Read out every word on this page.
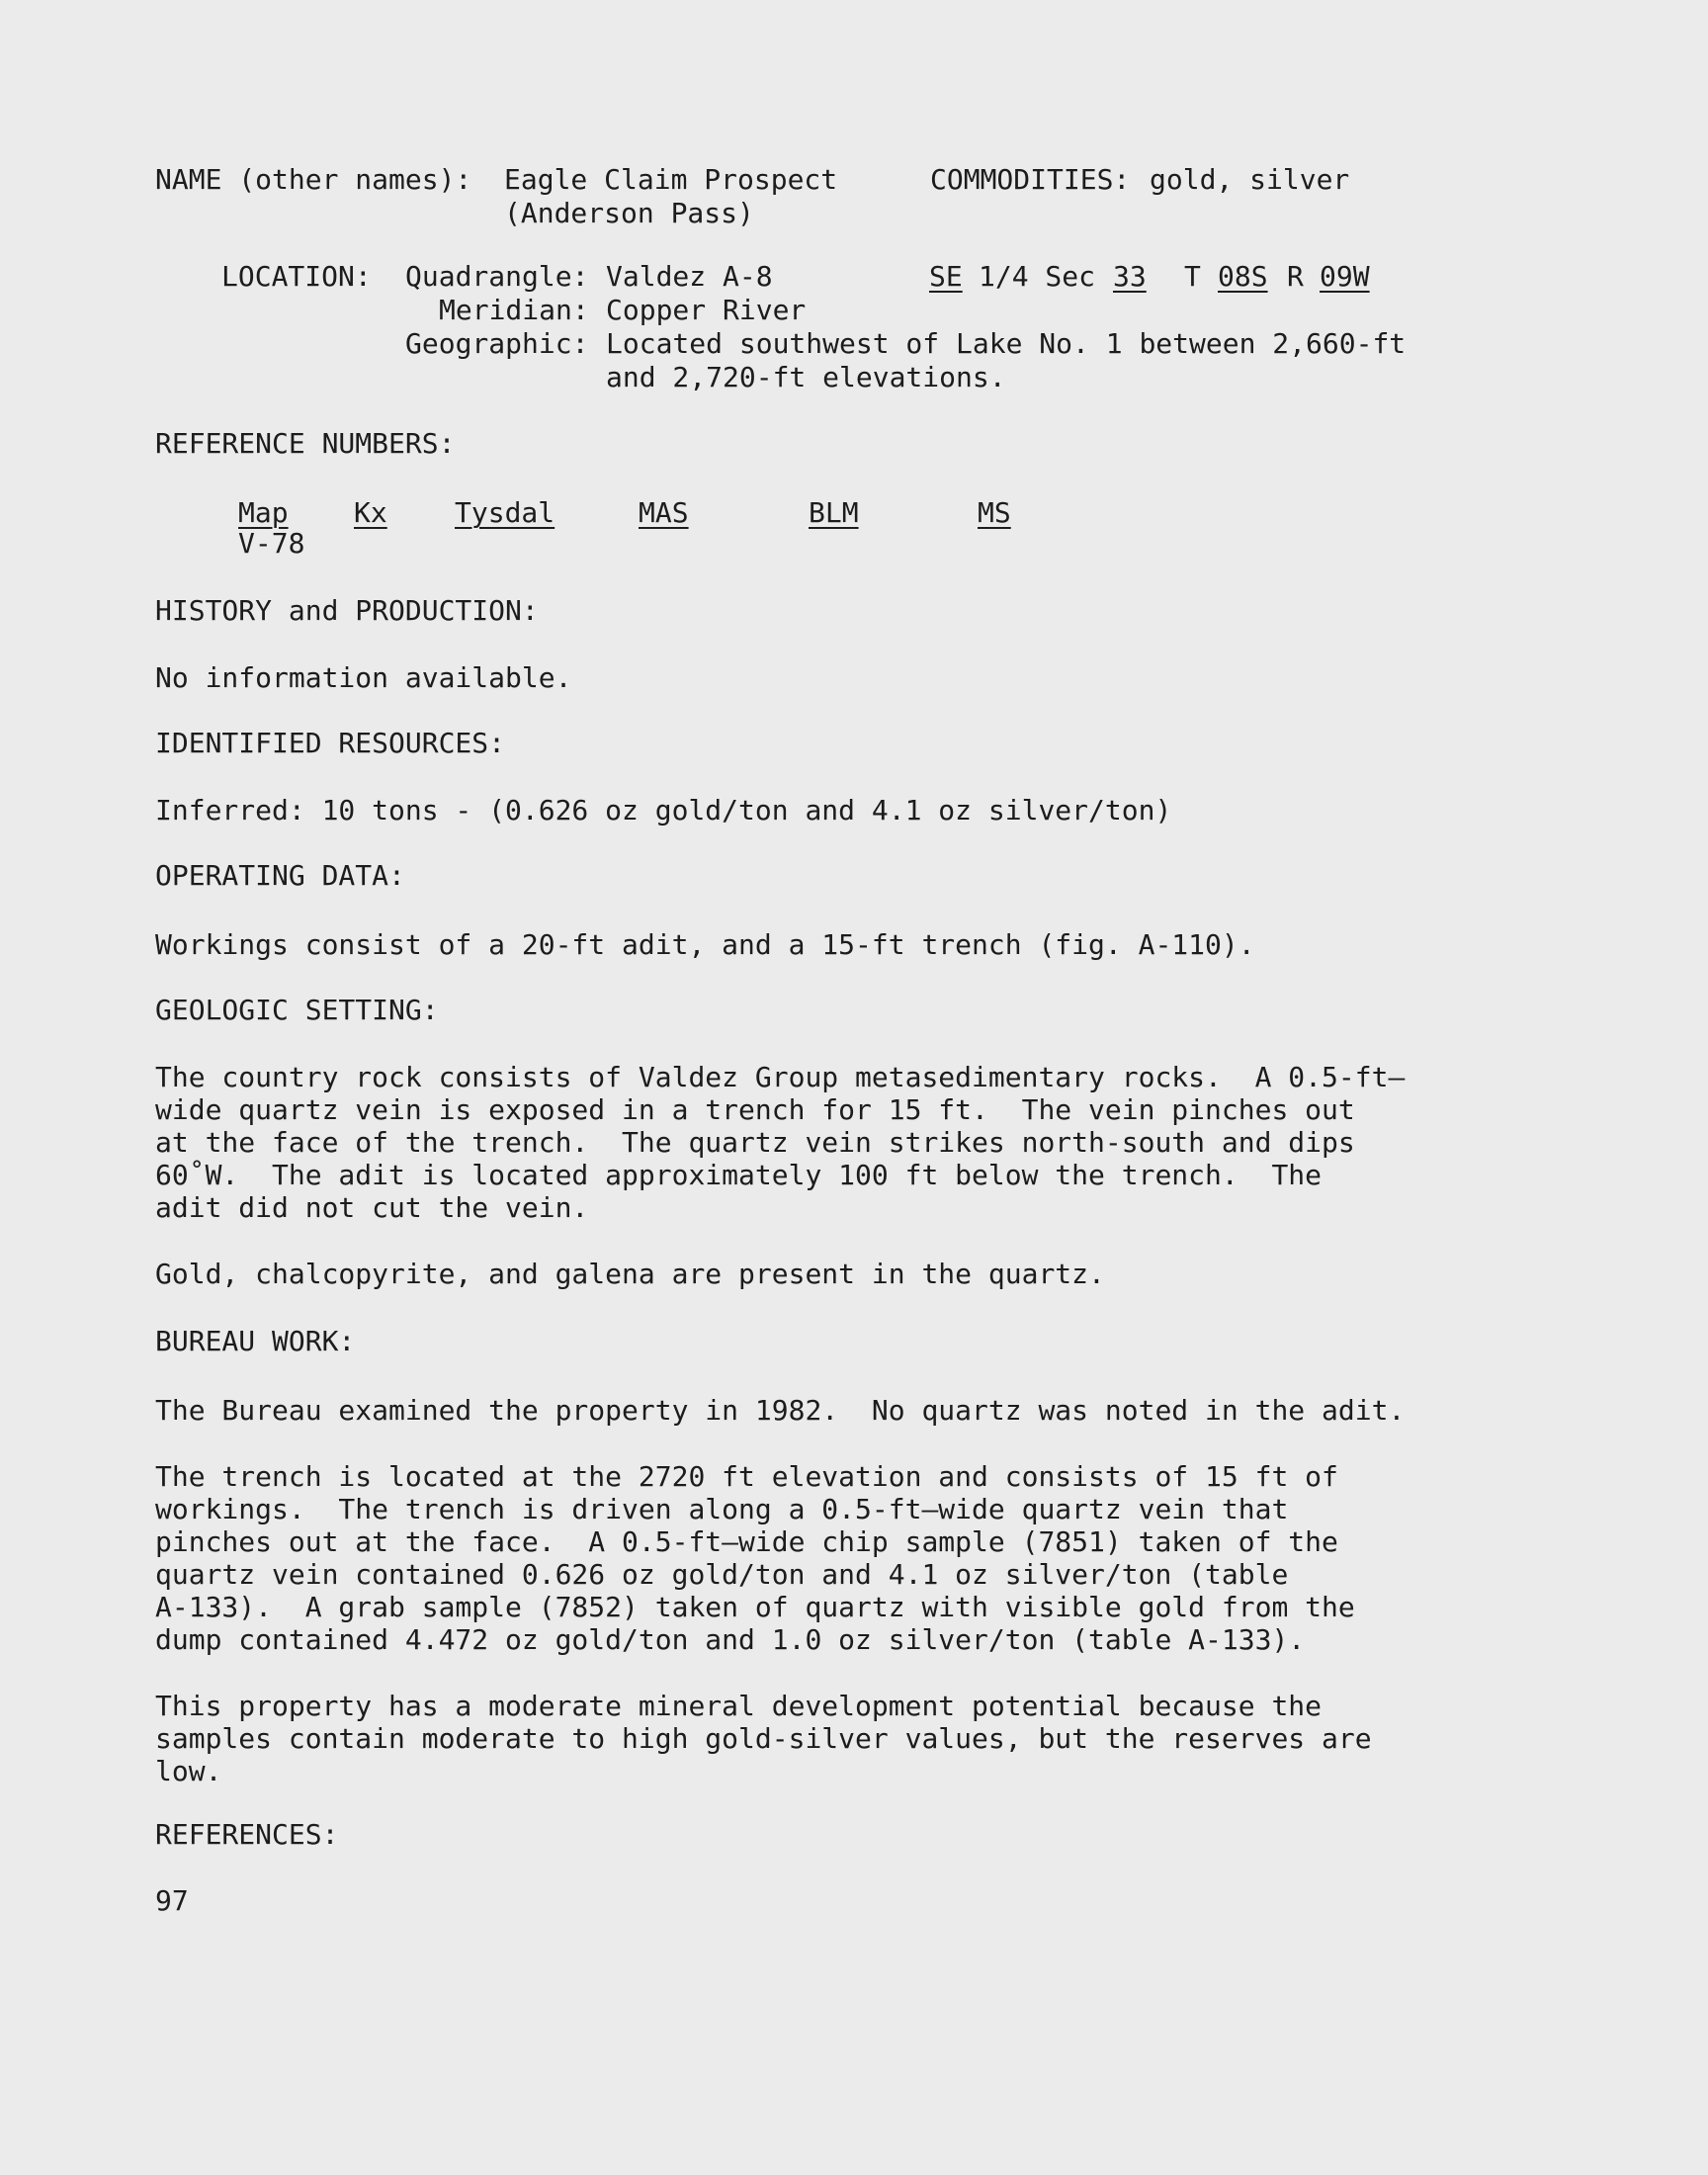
NAME (other names): Eagle Claim Prospect
(Anderson Pass)
COMMODITIES: gold, silver
LOCATION: Quadrangle: Valdez A-8	SE 1/4 Sec 33 T 08S R 09W
Meridian: Copper River
Geographic: Located southwest of Lake No. 1 between 2,660-ft
and 2,720-ft elevations.
REFERENCE NUMBERS:
Map Kx Tysdal	MAS	BLM	MS
V-78
HISTORY and PRODUCTION:
No information available.
IDENTIFIED RESOURCES:
Inferred: 10 tons - (0.626 oz gold/ton and 4.1 oz silver/ton)
OPERATING DATA:
Workings consist of a 20-ft adit, and a 15-ft trench (fig. A-110).
GEOLOGIC SETTING:
The country rock consists of Valdez Group metasedimentary rocks.  A 0.5-ft—
wide quartz vein is exposed in a trench for 15 ft.  The vein pinches out
at the face of the trench.  The quartz vein strikes north-south and dips
60˚W.  The adit is located approximately 100 ft below the trench.  The
adit did not cut the vein.
Gold, chalcopyrite, and galena are present in the quartz.
BUREAU WORK:
The Bureau examined the property in 1982.  No quartz was noted in the adit.
The trench is located at the 2720 ft elevation and consists of 15 ft of
workings.  The trench is driven along a 0.5-ft—wide quartz vein that
pinches out at the face.  A 0.5-ft—wide chip sample (7851) taken of the
quartz vein contained 0.626 oz gold/ton and 4.1 oz silver/ton (table
A-133).  A grab sample (7852) taken of quartz with visible gold from the
dump contained 4.472 oz gold/ton and 1.0 oz silver/ton (table A-133).
This property has a moderate mineral development potential because the
samples contain moderate to high gold-silver values, but the reserves are
low.
REFERENCES:
97
